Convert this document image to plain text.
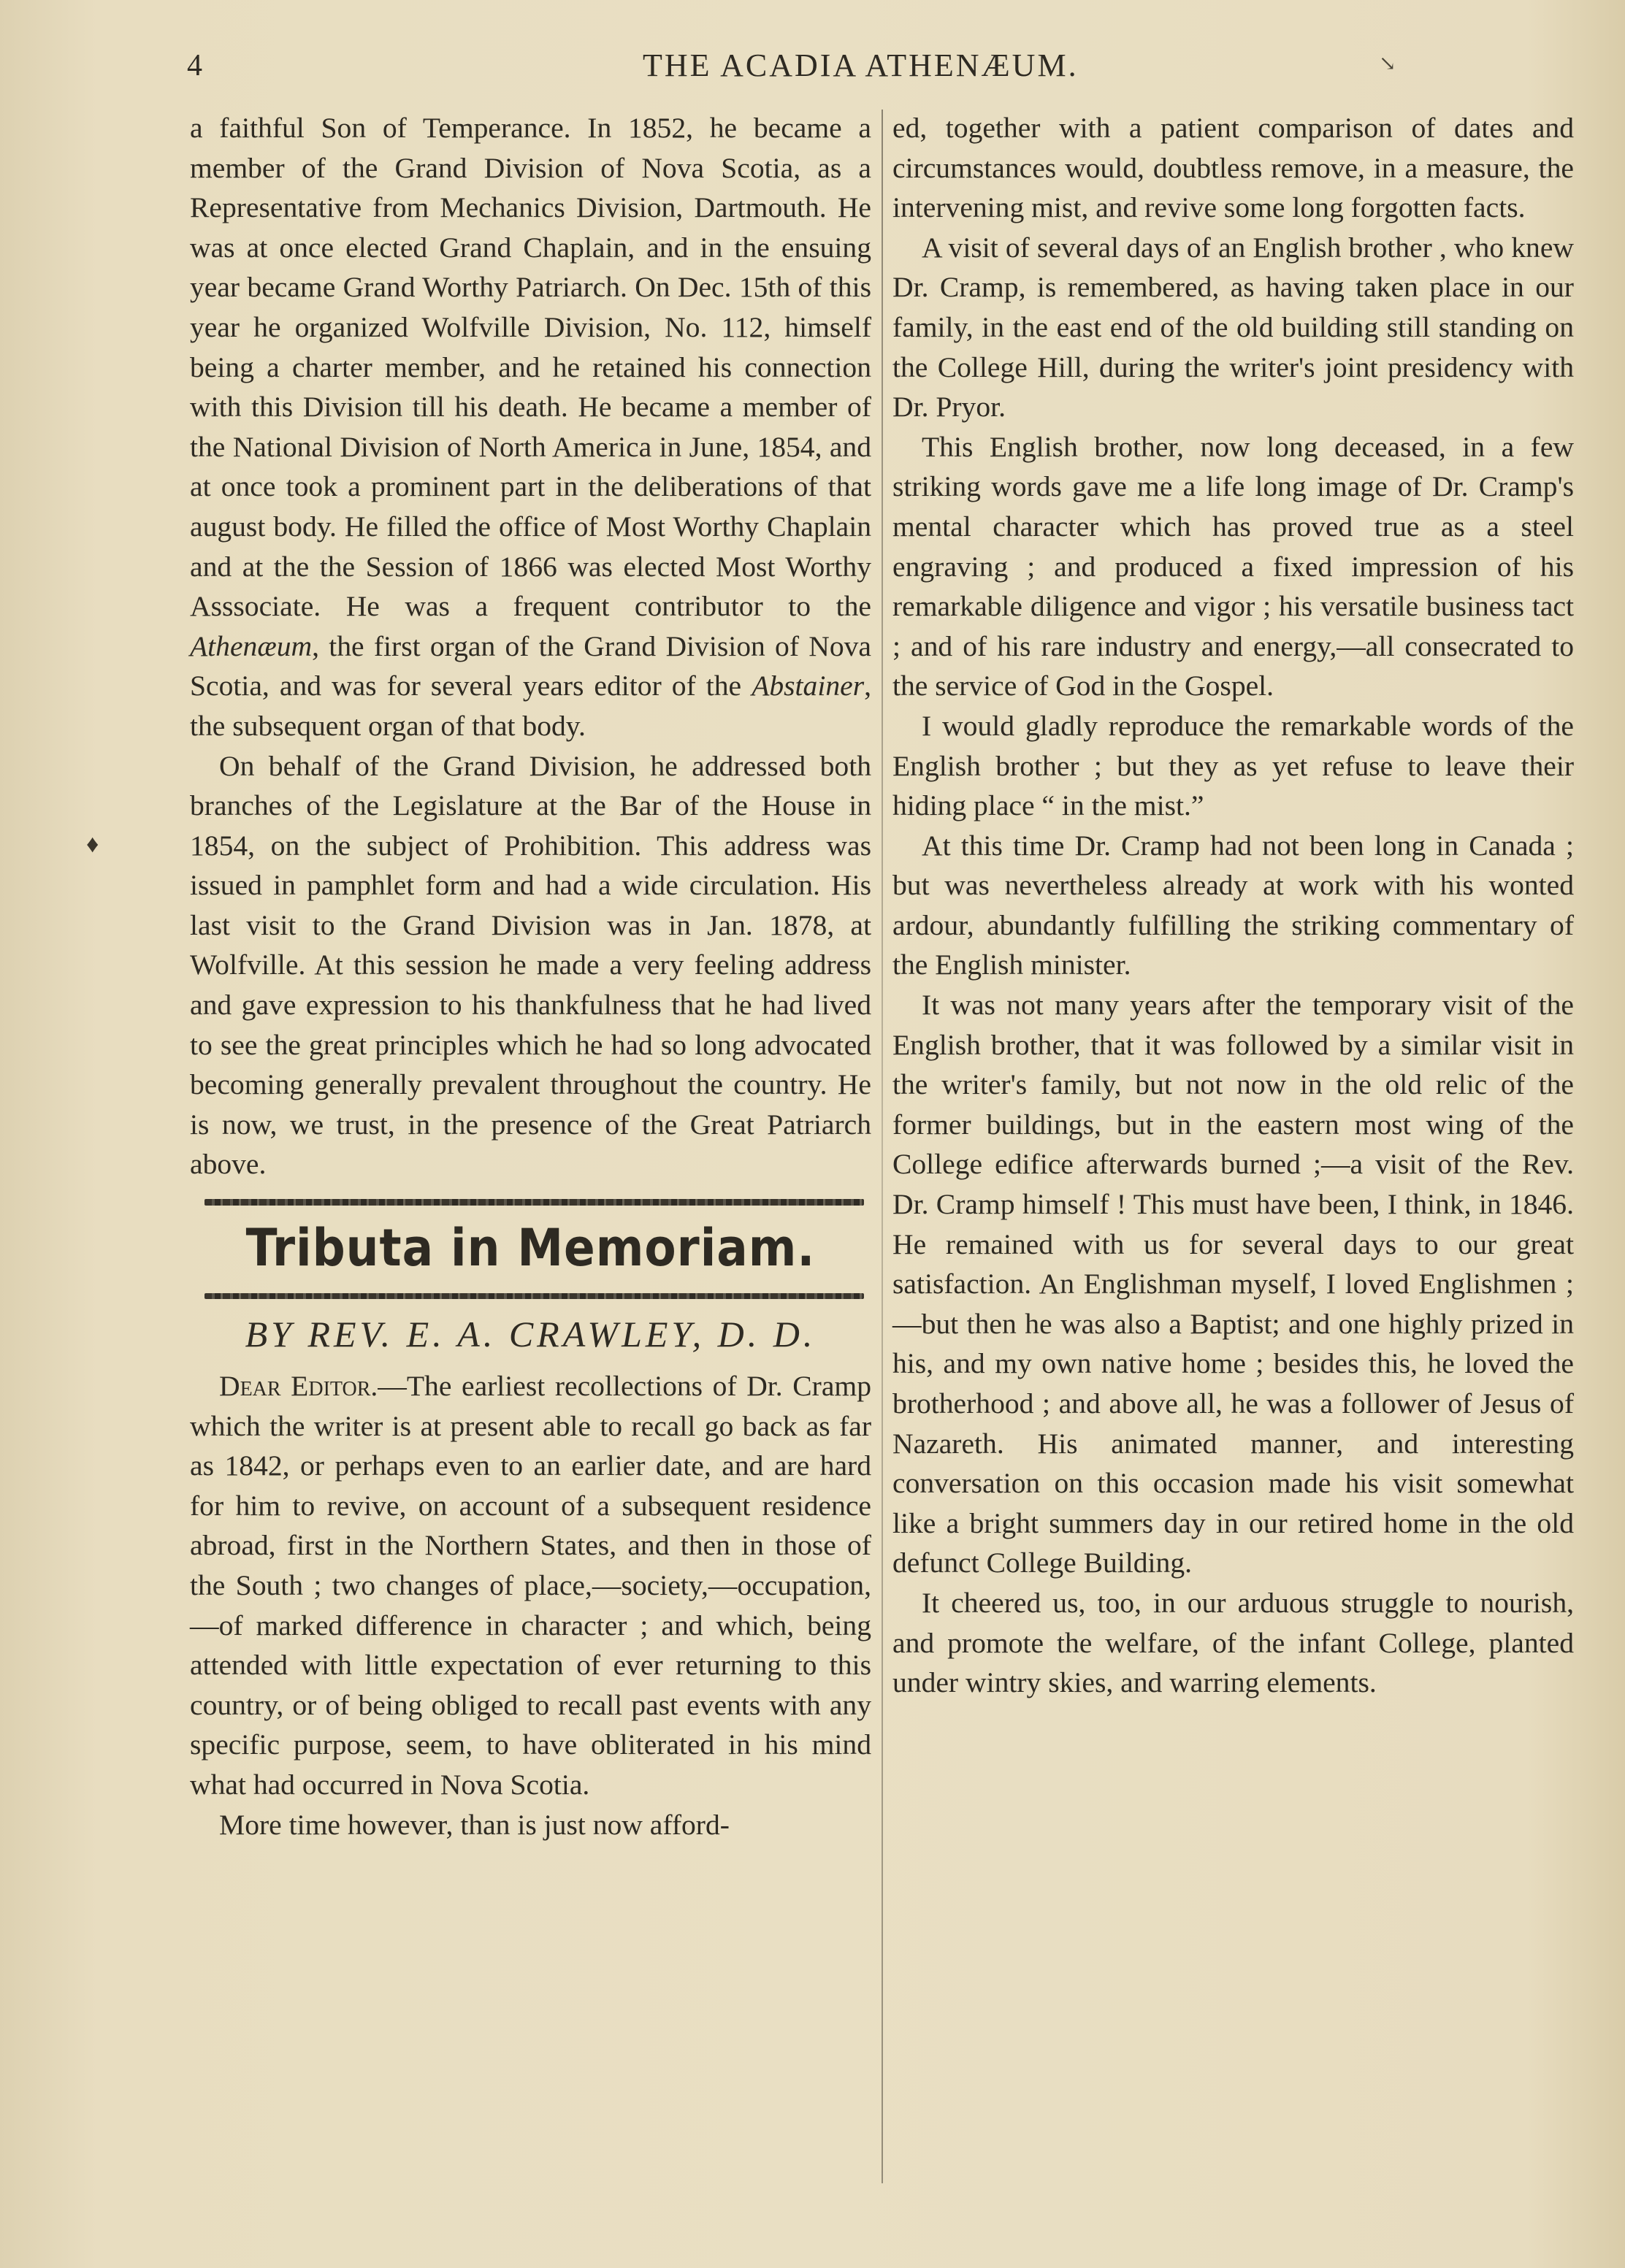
4	THE ACADIA ATHENÆUM.	↘
♦

a faithful Son of Temperance. In 1852, he became a member of the Grand Division of Nova Scotia, as a Representative from Mechanics Division, Dartmouth. He was at once elected Grand Chaplain, and in the ensuing year became Grand Worthy Patriarch. On Dec. 15th of this year he organized Wolfville Division, No. 112, himself being a charter member, and he retained his connection with this Division till his death. He became a member of the National Division of North America in June, 1854, and at once took a prominent part in the deliberations of that august body. He filled the office of Most Worthy Chaplain and at the the Session of 1866 was elected Most Worthy Asssociate. He was a frequent contributor to the Athenæum, the first organ of the Grand Division of Nova Scotia, and was for several years editor of the Abstainer, the subsequent organ of that body.

On behalf of the Grand Division, he addressed both branches of the Legislature at the Bar of the House in 1854, on the subject of Prohibition. This address was issued in pamphlet form and had a wide circulation. His last visit to the Grand Division was in Jan. 1878, at Wolfville. At this session he made a very feeling address and gave expression to his thankfulness that he had lived to see the great principles which he had so long advocated becoming generally prevalent throughout the country. He is now, we trust, in the presence of the Great Patriarch above.

Tributa in Memoriam.
BY REV. E. A. CRAWLEY, D. D.

Dear Editor.—The earliest recollections of Dr. Cramp which the writer is at present able to recall go back as far as 1842, or perhaps even to an earlier date, and are hard for him to revive, on account of a subsequent residence abroad, first in the Northern States, and then in those of the South ; two changes of place,—society,—occupation,—of marked difference in character ; and which, being attended with little expectation of ever returning to this country, or of being obliged to recall past events with any specific purpose, seem, to have obliterated in his mind what had occurred in Nova Scotia.

More time however, than is just now afford-

ed, together with a patient comparison of dates and circumstances would, doubtless remove, in a measure, the intervening mist, and revive some long forgotten facts.

A visit of several days of an English brother , who knew Dr. Cramp, is remembered, as having taken place in our family, in the east end of the old building still standing on the College Hill, during the writer's joint presidency with Dr. Pryor.

This English brother, now long deceased, in a few striking words gave me a life long image of Dr. Cramp's mental character which has proved true as a steel engraving ; and produced a fixed impression of his remarkable diligence and vigor ; his versatile business tact ; and of his rare industry and energy,—all consecrated to the service of God in the Gospel.

I would gladly reproduce the remarkable words of the English brother ; but they as yet refuse to leave their hiding place “ in the mist.”

At this time Dr. Cramp had not been long in Canada ; but was nevertheless already at work with his wonted ardour, abundantly fulfilling the striking commentary of the English minister.

It was not many years after the temporary visit of the English brother, that it was followed by a similar visit in the writer's family, but not now in the old relic of the former buildings, but in the eastern most wing of the College edifice afterwards burned ;—a visit of the Rev. Dr. Cramp himself ! This must have been, I think, in 1846. He remained with us for several days to our great satisfaction. An Englishman myself, I loved Englishmen ;—but then he was also a Baptist; and one highly prized in his, and my own native home ; besides this, he loved the brotherhood ; and above all, he was a follower of Jesus of Nazareth. His animated manner, and interesting conversation on this occasion made his visit somewhat like a bright summers day in our retired home in the old defunct College Building.

It cheered us, too, in our arduous struggle to nourish, and promote the welfare, of the infant College, planted under wintry skies, and warring elements.
